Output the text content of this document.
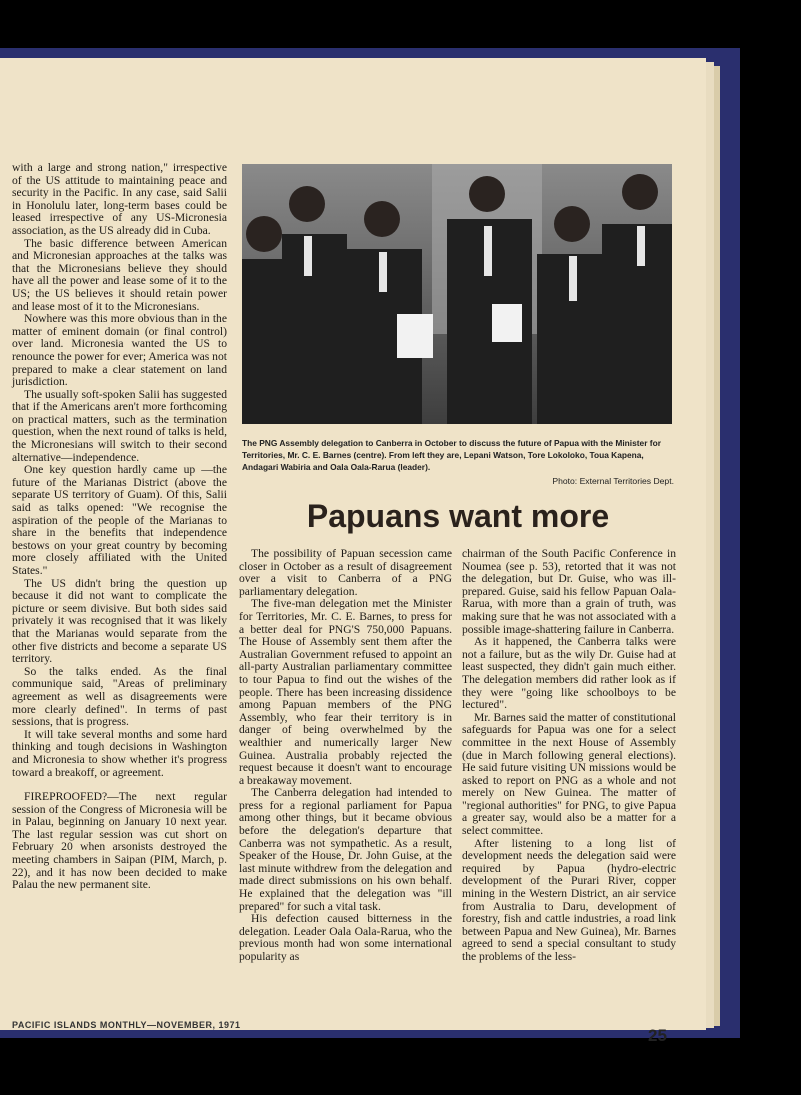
with a large and strong nation," irrespective of the US attitude to maintaining peace and security in the Pacific. In any case, said Salii in Honolulu later, long-term bases could be leased irrespective of any US-Micronesia association, as the US already did in Cuba.

The basic difference between American and Micronesian approaches at the talks was that the Micronesians believe they should have all the power and lease some of it to the US; the US believes it should retain power and lease most of it to the Micronesians.

Nowhere was this more obvious than in the matter of eminent domain (or final control) over land. Micronesia wanted the US to renounce the power for ever; America was not prepared to make a clear statement on land jurisdiction.

The usually soft-spoken Salii has suggested that if the Americans aren't more forthcoming on practical matters, such as the termination question, when the next round of talks is held, the Micronesians will switch to their second alternative—independence.

One key question hardly came up —the future of the Marianas District (above the separate US territory of Guam). Of this, Salii said as talks opened: "We recognise the aspiration of the people of the Marianas to share in the benefits that independence bestows on your great country by becoming more closely affiliated with the United States."

The US didn't bring the question up because it did not want to complicate the picture or seem divisive. But both sides said privately it was recognised that it was likely that the Marianas would separate from the other five districts and become a separate US territory.

So the talks ended. As the final communique said, "Areas of preliminary agreement as well as disagreements were more clearly defined". In terms of past sessions, that is progress.

It will take several months and some hard thinking and tough decisions in Washington and Micronesia to show whether it's progress toward a breakoff, or agreement.

FIREPROOFED?—The next regular session of the Congress of Micronesia will be in Palau, beginning on January 10 next year. The last regular session was cut short on February 20 when arsonists destroyed the meeting chambers in Saipan (PIM, March, p. 22), and it has now been decided to make Palau the new permanent site.

The PNG Assembly delegation to Canberra in October to discuss the future of Papua with the Minister for Territories, Mr. C. E. Barnes (centre). From left they are, Lepani Watson, Tore Lokoloko, Toua Kapena, Andagari Wabiria and Oala Oala-Rarua (leader).
Photo: External Territories Dept.
Papuans want more

The possibility of Papuan secession came closer in October as a result of disagreement over a visit to Canberra of a PNG parliamentary delegation.

The five-man delegation met the Minister for Territories, Mr. C. E. Barnes, to press for a better deal for PNG'S 750,000 Papuans. The House of Assembly sent them after the Australian Government refused to appoint an all-party Australian parliamentary committee to tour Papua to find out the wishes of the people. There has been increasing dissidence among Papuan members of the PNG Assembly, who fear their territory is in danger of being overwhelmed by the wealthier and numerically larger New Guinea. Australia probably rejected the request because it doesn't want to encourage a breakaway movement.

The Canberra delegation had intended to press for a regional parliament for Papua among other things, but it became obvious before the delegation's departure that Canberra was not sympathetic. As a result, Speaker of the House, Dr. John Guise, at the last minute withdrew from the delegation and made direct submissions on his own behalf. He explained that the delegation was "ill prepared" for such a vital task.

His defection caused bitterness in the delegation. Leader Oala Oala-Rarua, who the previous month had won some international popularity as

chairman of the South Pacific Conference in Noumea (see p. 53), retorted that it was not the delegation, but Dr. Guise, who was ill-prepared. Guise, said his fellow Papuan Oala-Rarua, with more than a grain of truth, was making sure that he was not associated with a possible image-shattering failure in Canberra.

As it happened, the Canberra talks were not a failure, but as the wily Dr. Guise had at least suspected, they didn't gain much either. The delegation members did rather look as if they were "going like schoolboys to be lectured".

Mr. Barnes said the matter of constitutional safeguards for Papua was one for a select committee in the next House of Assembly (due in March following general elections). He said future visiting UN missions would be asked to report on PNG as a whole and not merely on New Guinea. The matter of "regional authorities" for PNG, to give Papua a greater say, would also be a matter for a select committee.

After listening to a long list of development needs the delegation said were required by Papua (hydro-electric development of the Purari River, copper mining in the Western District, an air service from Australia to Daru, development of forestry, fish and cattle industries, a road link between Papua and New Guinea), Mr. Barnes agreed to send a special consultant to study the problems of the less-

PACIFIC ISLANDS MONTHLY—NOVEMBER, 1971
25
